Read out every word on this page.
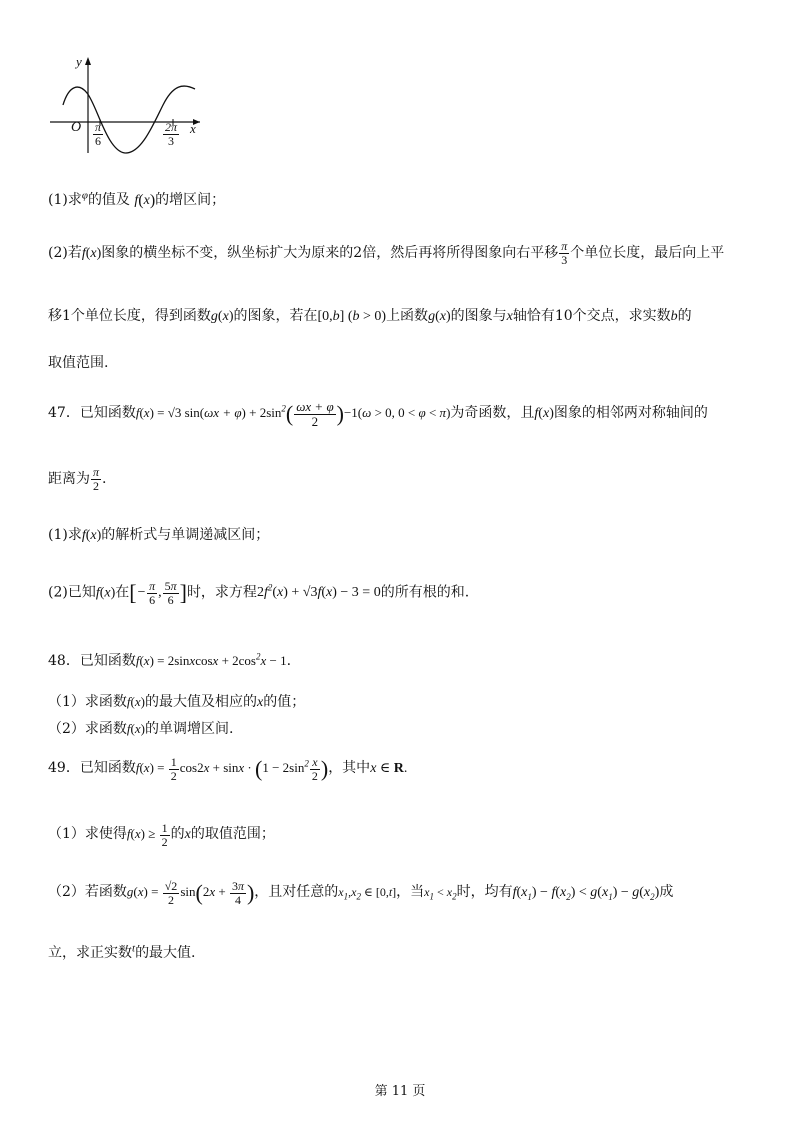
y
x
O $\frac{\pi}{6}$	$\frac{2\pi}{3}$
(1)求$^\varphi$的值及 f(x)的增区间；
(2)若f(x)图象的横坐标不变，纵坐标扩大为原来的2倍，然后再将所得图象向右平移 $\frac{\pi}{3}$ 个单位长度，最后向上平
移1个单位长度，得到函数g(x)的图象，若在[0,b] (b > 0)上函数g(x)的图象与x轴恰有10个交点，求实数b的
取值范围.
47．已知函数f(x) = √3 $\sin(\omega x + \varphi) + 2\sin^2( \frac{\omega x + \varphi}{2} )-1(\omega > 0$, 0 < φ < π)为奇函数，且f(x)图象的相邻两对称轴间的
距离为 $\frac{\pi}{2}$ .
(1)求f(x)的解析式与单调递减区间；
(2)已知f(x)在[− $\frac{\pi}{6}$ , $\frac{5\pi}{6}$ ]时，求方程$2f^2(x) + √3f(x) - 3 = 0$的所有根的和.
48．已知函数f(x) = 2sinxcosx + $2\cos^2x - 1$.
（1）求函数f(x)的最大值及相应的x的值；
（2）求函数f(x)的单调增区间.
49．已知函数$f(x) = \frac{1}{2} \cos 2x + \sin x \cdot (1 - 2\sin^2 \frac{x}{2}$ )，其中x ∈ R.
（1）求使得$f(x) \ge \frac{1}{2}$ 的x的取值范围；
（2）若函数$g(x) = \frac{√2}{2} \sin(2x + \frac{3\pi}{4}$ )，且对任意的$x_1,x_2$ ∈ [0,t]，当$x_1 < x_2$时，均有$f(x_1) - f(x_2) < g(x_1) - g(x_2)$成
立，求正实数$^t$的最大值.
第 11 页
